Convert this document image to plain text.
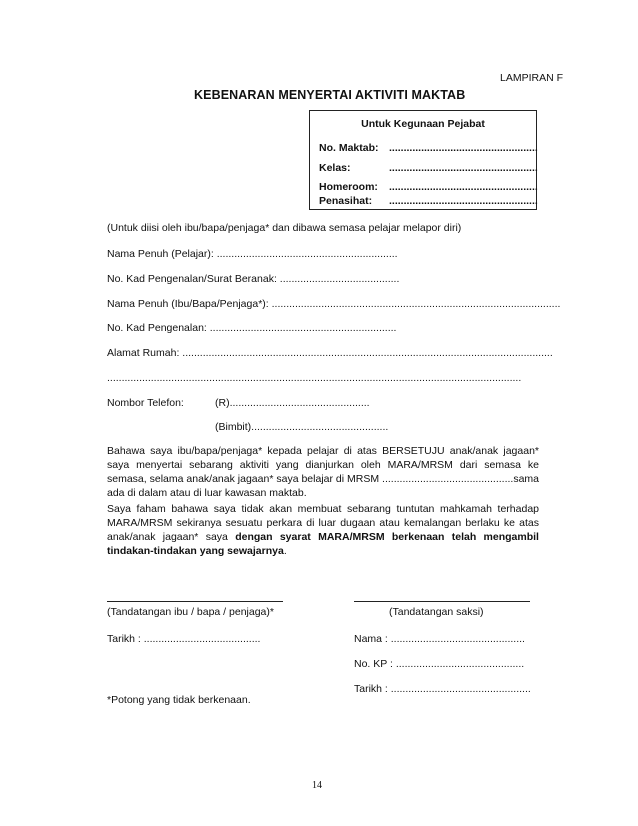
LAMPIRAN F
KEBENARAN MENYERTAI AKTIVITI MAKTAB
Untuk Kegunaan Pejabat
No. Maktab: ...................................................
Kelas:	...................................................
Homeroom: ...................................................
Penasihat: ...................................................
(Untuk diisi oleh ibu/bapa/penjaga* dan dibawa semasa pelajar melapor diri)
Nama Penuh (Pelajar): ..............................................................
No. Kad Pengenalan/Surat Beranak: .........................................
Nama Penuh (Ibu/Bapa/Penjaga*): ...................................................................................................
No. Kad Pengenalan: ................................................................
Alamat Rumah: ...............................................................................................................................
..............................................................................................................................................
Nombor Telefon:	(R)................................................
(Bimbit)...............................................
Bahawa saya ibu/bapa/penjaga* kepada pelajar di atas BERSETUJU anak/anak jagaan* saya menyertai sebarang aktiviti yang dianjurkan oleh MARA/MRSM dari semasa ke semasa, selama anak/anak jagaan* saya belajar di MRSM .............................................sama ada di dalam atau di luar kawasan maktab.
Saya faham bahawa saya tidak akan membuat sebarang tuntutan mahkamah terhadap MARA/MRSM sekiranya sesuatu perkara di luar dugaan atau kemalangan berlaku ke atas anak/anak jagaan* saya dengan syarat MARA/MRSM berkenaan telah mengambil tindakan-tindakan yang sewajarnya.
(Tandatangan ibu / bapa / penjaga)*	(Tandatangan saksi)
Tarikh : ........................................	Nama : ..............................................
No. KP : ............................................
Tarikh : ................................................
*Potong yang tidak berkenaan.
14
